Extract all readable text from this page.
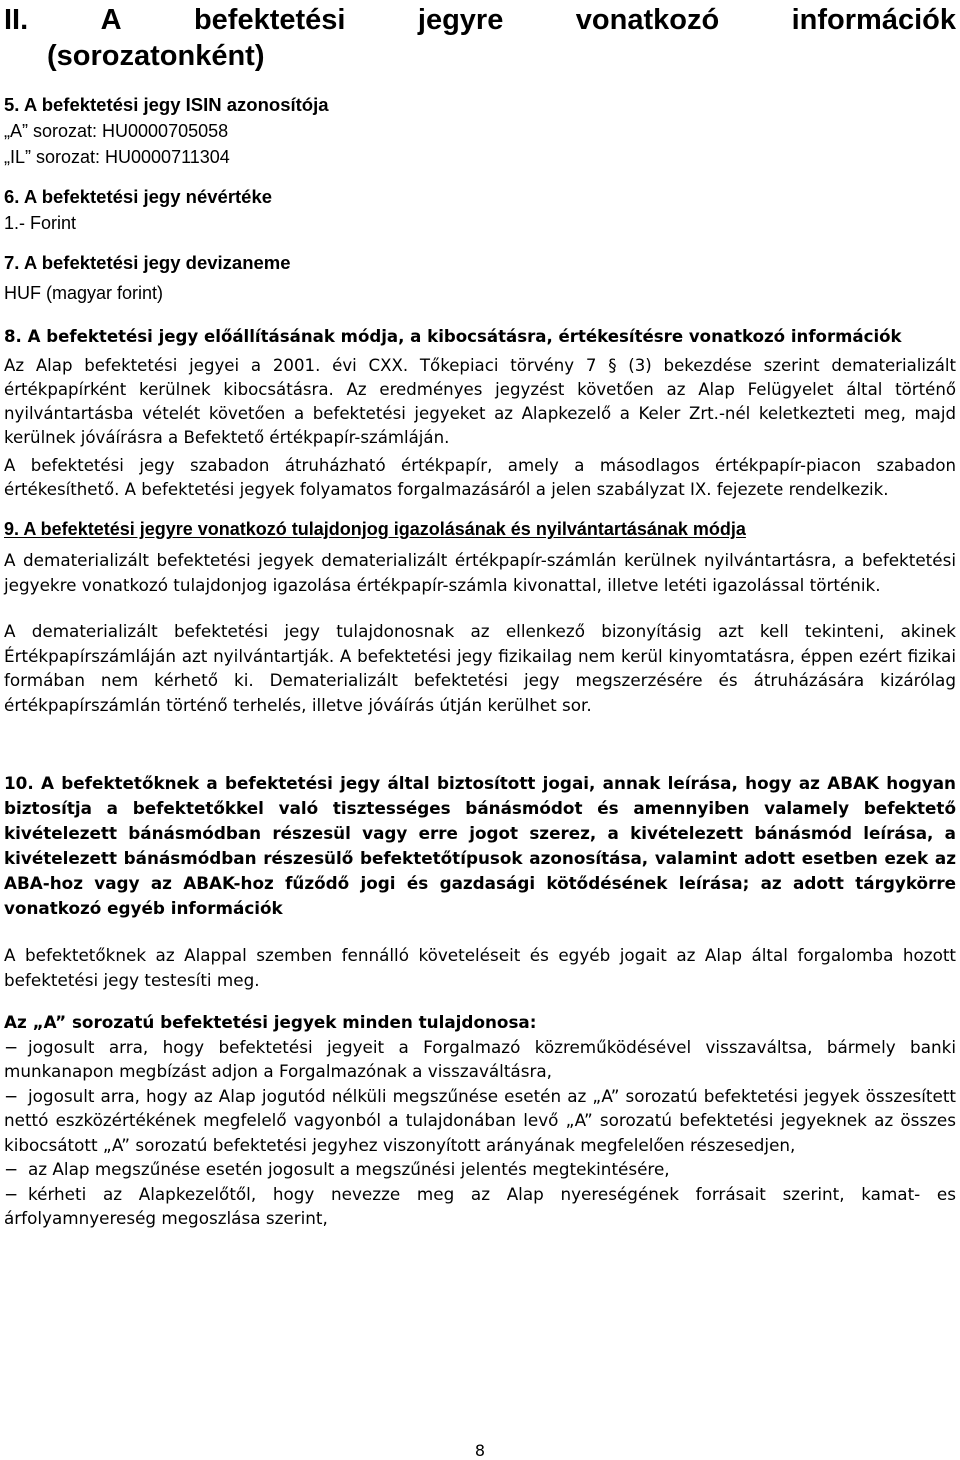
II. A befektetési jegyre vonatkozó információk
(sorozatonként)

5. A befektetési jegy ISIN azonosítója

„A” sorozat: HU0000705058

„IL” sorozat: HU0000711304

6. A befektetési jegy névértéke

1.- Forint

7. A befektetési jegy devizaneme

HUF (magyar forint)

8. A befektetési jegy előállításának módja, a kibocsátásra, értékesítésre vonatkozó információk

Az Alap befektetési jegyei a 2001. évi CXX. Tőkepiaci törvény 7 § (3) bekezdése szerint dematerializált értékpapírként kerülnek kibocsátásra. Az eredményes jegyzést követően az Alap Felügyelet által történő nyilvántartásba vételét követően a befektetési jegyeket az Alapkezelő a Keler Zrt.-nél keletkezteti meg, majd kerülnek jóváírásra a Befektető értékpapír-számláján.

A befektetési jegy szabadon átruházható értékpapír, amely a másodlagos értékpapír-piacon szabadon értékesíthető. A befektetési jegyek folyamatos forgalmazásáról a jelen szabályzat IX. fejezete rendelkezik.

9. A befektetési jegyre vonatkozó tulajdonjog igazolásának és nyilvántartásának módja

A dematerializált befektetési jegyek dematerializált értékpapír-számlán kerülnek nyilvántartásra, a befektetési jegyekre vonatkozó tulajdonjog igazolása értékpapír-számla kivonattal, illetve letéti igazolással történik.

A dematerializált befektetési jegy tulajdonosnak az ellenkező bizonyításig azt kell tekinteni, akinek Értékpapírszámláján azt nyilvántartják. A befektetési jegy fizikailag nem kerül kinyomtatásra, éppen ezért fizikai formában nem kérhető ki. Dematerializált befektetési jegy megszerzésére és átruházására kizárólag értékpapírszámlán történő terhelés, illetve jóváírás útján kerülhet sor.

10. A befektetőknek a befektetési jegy által biztosított jogai, annak leírása, hogy az ABAK hogyan biztosítja a befektetőkkel való tisztességes bánásmódot és amennyiben valamely befektető kivételezett bánásmódban részesül vagy erre jogot szerez, a kivételezett bánásmód leírása, a kivételezett bánásmódban részesülő befektetőtípusok azonosítása, valamint adott esetben ezek az ABA-hoz vagy az ABAK-hoz fűződő jogi és gazdasági kötődésének leírása; az adott tárgykörre vonatkozó egyéb információk

A befektetőknek az Alappal szemben fennálló követeléseit és egyéb jogait az Alap által forgalomba hozott befektetési jegy testesíti meg.

Az „A” sorozatú befektetési jegyek minden tulajdonosa:

− jogosult arra, hogy befektetési jegyeit a Forgalmazó közreműködésével visszaváltsa, bármely banki munkanapon megbízást adjon a Forgalmazónak a visszaváltásra,

− jogosult arra, hogy az Alap jogutód nélküli megszűnése esetén az „A” sorozatú befektetési jegyek összesített nettó eszközértékének megfelelő vagyonból a tulajdonában levő „A” sorozatú befektetési jegyeknek az összes kibocsátott „A” sorozatú befektetési jegyhez viszonyított arányának megfelelően részesedjen,

− az Alap megszűnése esetén jogosult a megszűnési jelentés megtekintésére,

− kérheti az Alapkezelőtől, hogy nevezze meg az Alap nyereségének forrásait szerint, kamat- es árfolyamnyereség megoszlása szerint,

8
